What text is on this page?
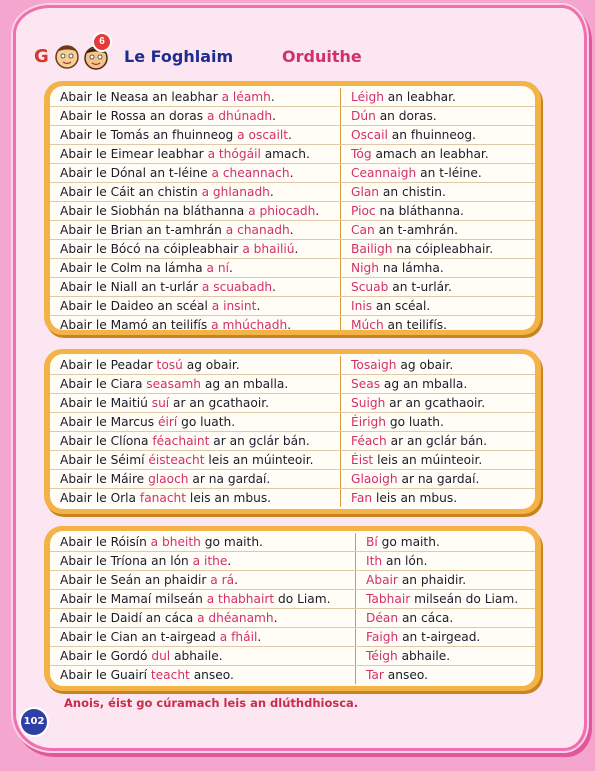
G
6
Le Foghlaim	Orduithe
Abair le Neasa an leabhar a léamh.	Léigh an leabhar.
Abair le Rossa an doras a dhúnadh.	Dún an doras.
Abair le Tomás an fhuinneog a oscailt.	Oscail an fhuinneog.
Abair le Eimear leabhar a thógáil amach.	Tóg amach an leabhar.
Abair le Dónal an t-léine a cheannach.	Ceannaigh an t-léine.
Abair le Cáit an chistin a ghlanadh.	Glan an chistin.
Abair le Siobhán na bláthanna a phiocadh.	Pioc na bláthanna.
Abair le Brian an t-amhrán a chanadh.	Can an t-amhrán.
Abair le Bócó na cóipleabhair a bhailiú.	Bailigh na cóipleabhair.
Abair le Colm na lámha a ní.	Nigh na lámha.
Abair le Niall an t-urlár a scuabadh.	Scuab an t-urlár.
Abair le Daideo an scéal a insint.	Inis an scéal.
Abair le Mamó an teilifís a mhúchadh.	Múch an teilifís.
Abair le Peadar tosú ag obair.	Tosaigh ag obair.
Abair le Ciara seasamh ag an mballa.	Seas ag an mballa.
Abair le Maitiú suí ar an gcathaoir.	Suigh ar an gcathaoir.
Abair le Marcus éirí go luath.	Éirigh go luath.
Abair le Clíona féachaint ar an gclár bán.	Féach ar an gclár bán.
Abair le Séimí éisteacht leis an múinteoir.	Éist leis an múinteoir.
Abair le Máire glaoch ar na gardaí.	Glaoigh ar na gardaí.
Abair le Orla fanacht leis an mbus.	Fan leis an mbus.
Abair le Róisín a bheith go maith.	Bí go maith.
Abair le Tríona an lón a ithe.	Ith an lón.
Abair le Seán an phaidir a rá.	Abair an phaidir.
Abair le Mamaí milseán a thabhairt do Liam.	Tabhair milseán do Liam.
Abair le Daidí an cáca a dhéanamh.	Déan an cáca.
Abair le Cian an t-airgead a fháil.	Faigh an t-airgead.
Abair le Gordó dul abhaile.	Téigh abhaile.
Abair le Guairí teacht anseo.	Tar anseo.
Anois, éist go cúramach leis an dlúthdhiosca.
102
